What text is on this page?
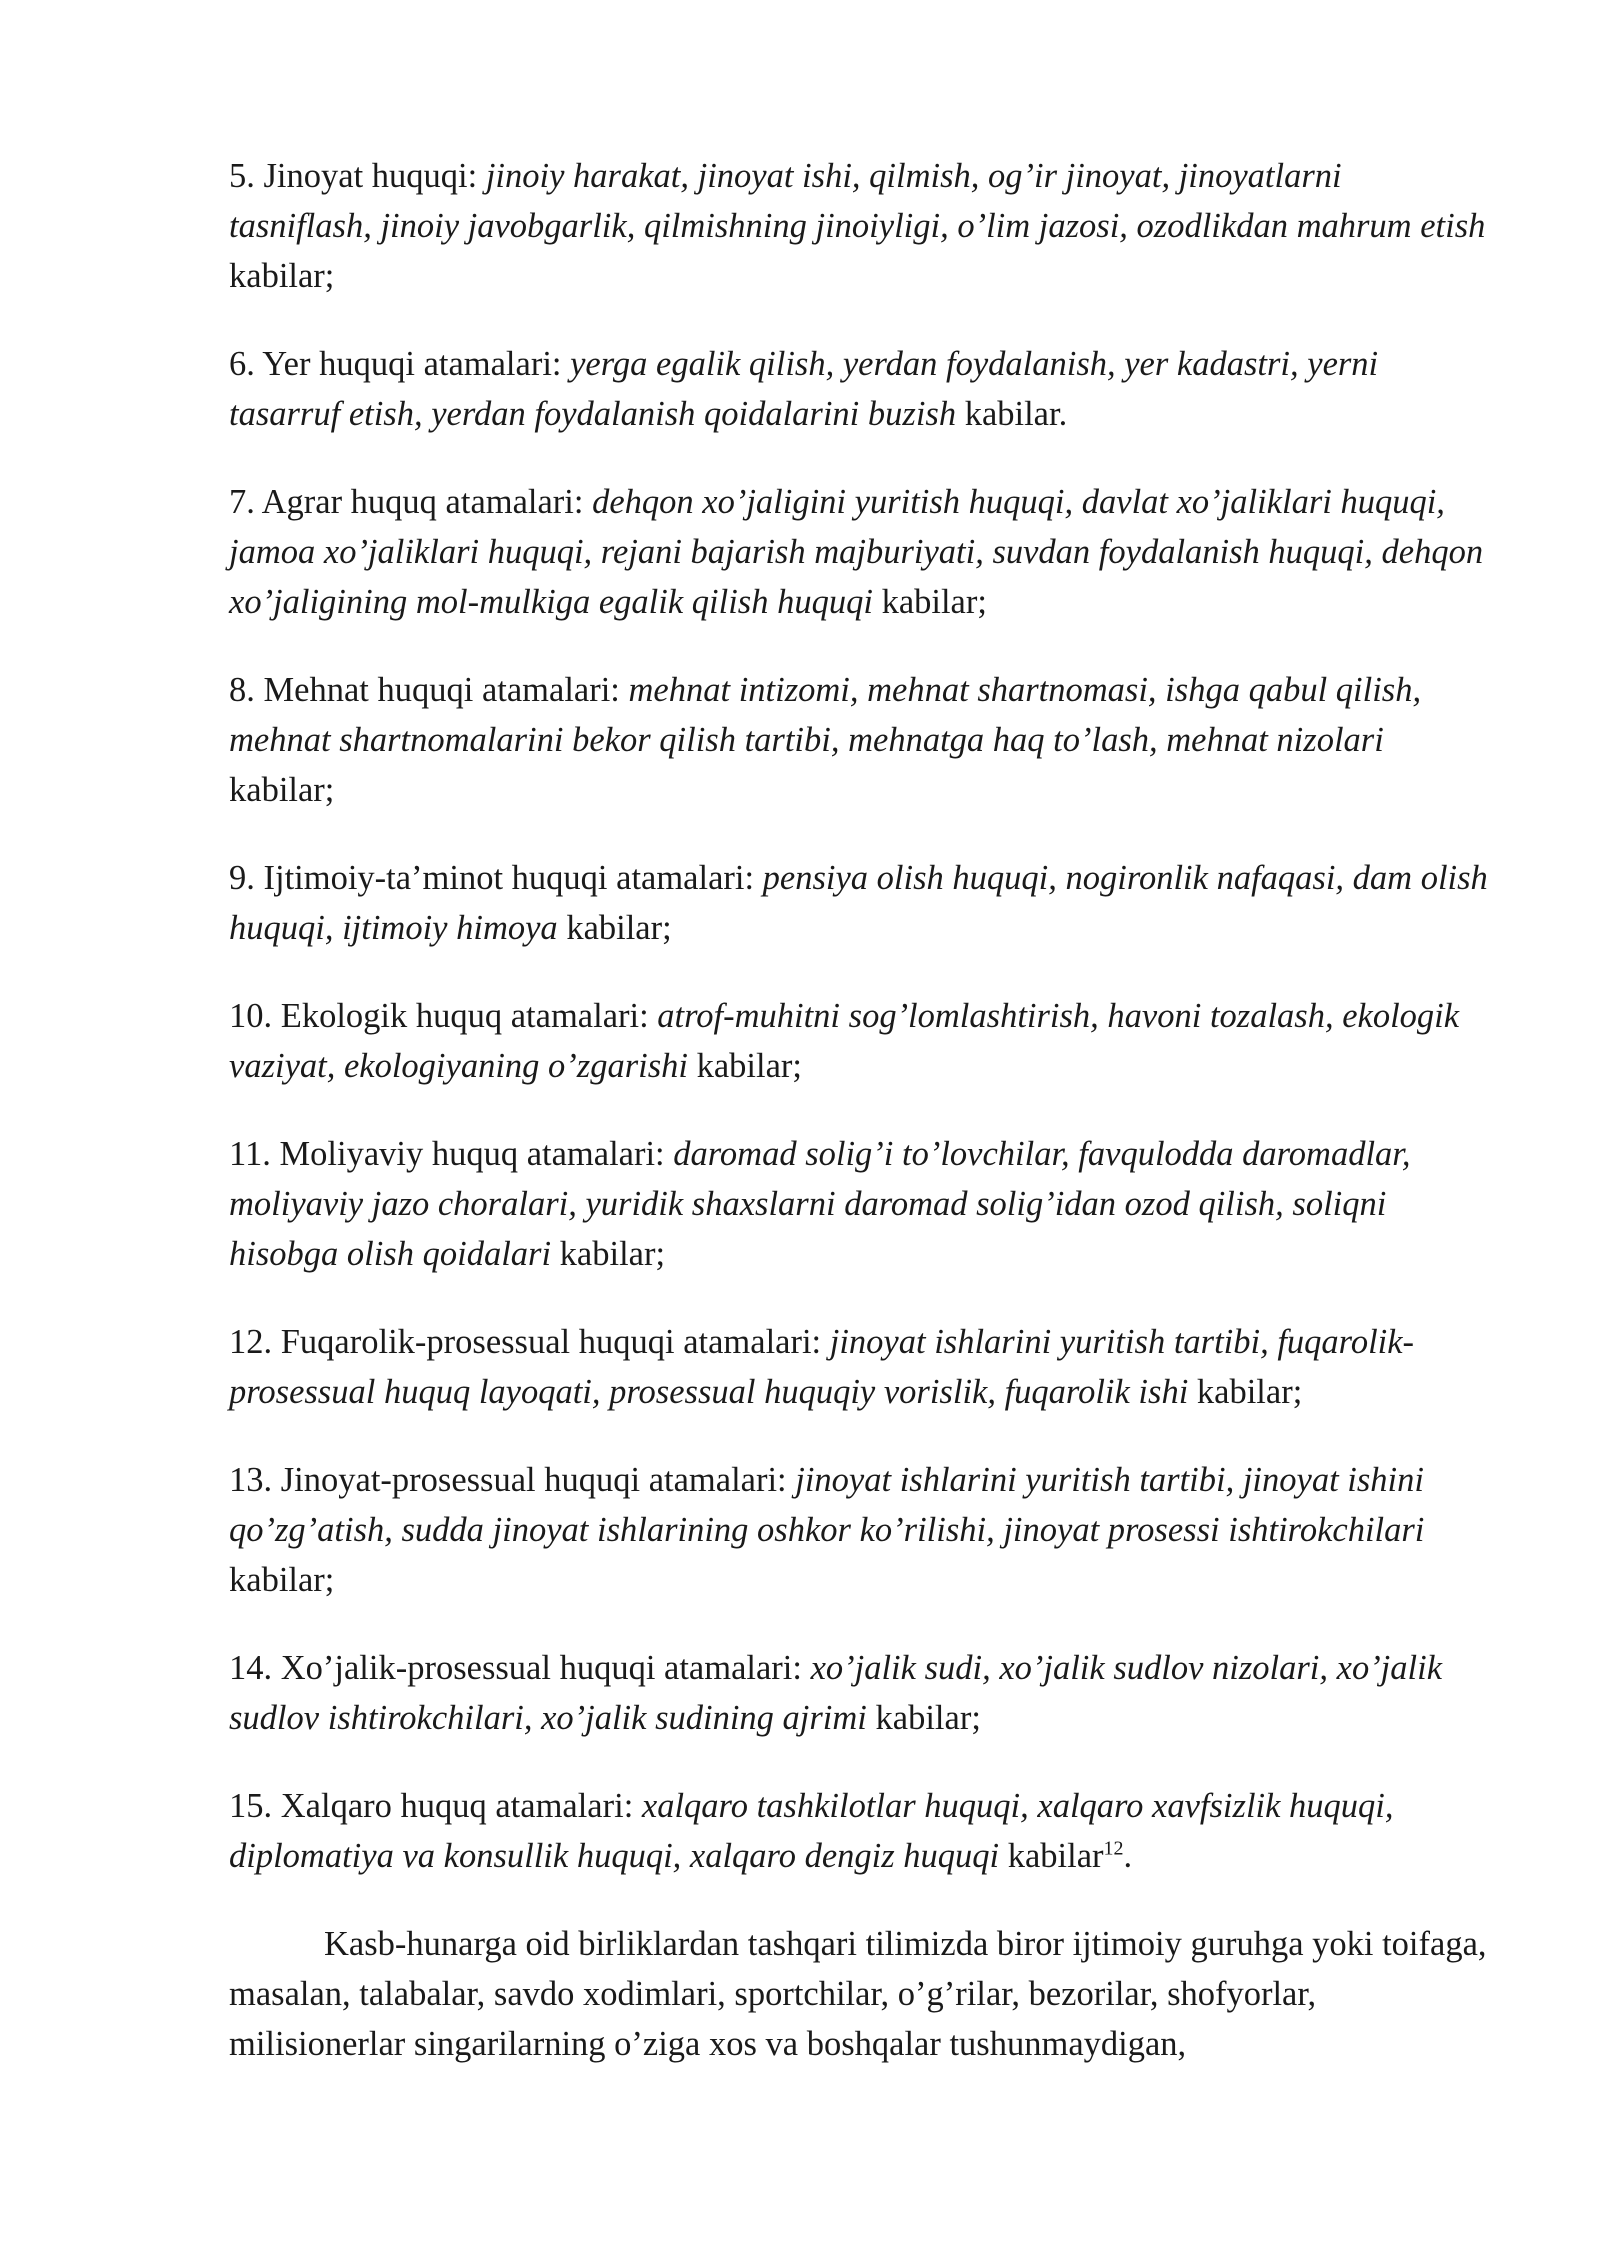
5. Jinoyat huquqi: jinoiy harakat, jinoyat ishi, qilmish, og’ir jinoyat, jinoyatlarni tasniflash, jinoiy javobgarlik, qilmishning jinoiyligi, o’lim jazosi, ozodlikdan mahrum etish kabilar;

6. Yer huquqi atamalari: yerga egalik qilish, yerdan foydalanish, yer kadastri, yerni tasarruf etish, yerdan foydalanish qoidalarini buzish kabilar.

7. Agrar huquq atamalari: dehqon xo’jaligini yuritish huquqi, davlat xo’jaliklari huquqi, jamoa xo’jaliklari huquqi, rejani bajarish majburiyati, suvdan foydalanish huquqi, dehqon xo’jaligining mol-mulkiga egalik qilish huquqi kabilar;

8. Mehnat huquqi atamalari: mehnat intizomi, mehnat shartnomasi, ishga qabul qilish, mehnat shartnomalarini bekor qilish tartibi, mehnatga haq to’lash, mehnat nizolari kabilar;

9. Ijtimoiy-ta’minot huquqi atamalari: pensiya olish huquqi, nogironlik nafaqasi, dam olish huquqi, ijtimoiy himoya kabilar;

10. Ekologik huquq atamalari: atrof-muhitni sog’lomlashtirish, havoni tozalash, ekologik vaziyat, ekologiyaning o’zgarishi kabilar;

11. Moliyaviy huquq atamalari: daromad solig’i to’lovchilar, favqulodda daromadlar, moliyaviy jazo choralari, yuridik shaxslarni daromad solig’idan ozod qilish, soliqni hisobga olish qoidalari kabilar;

12. Fuqarolik-prosessual huquqi atamalari: jinoyat ishlarini yuritish tartibi, fuqarolik-prosessual huquq layoqati, prosessual huquqiy vorislik, fuqarolik ishi kabilar;

13. Jinoyat-prosessual huquqi atamalari: jinoyat ishlarini yuritish tartibi, jinoyat ishini qo’zg’atish, sudda jinoyat ishlarining oshkor ko’rilishi, jinoyat prosessi ishtirokchilari kabilar;

14. Xo’jalik-prosessual huquqi atamalari: xo’jalik sudi, xo’jalik sudlov nizolari, xo’jalik sudlov ishtirokchilari, xo’jalik sudining ajrimi kabilar;

15. Xalqaro huquq atamalari: xalqaro tashkilotlar huquqi, xalqaro xavfsizlik huquqi, diplomatiya va konsullik huquqi, xalqaro dengiz huquqi kabilar$^{12}$.

Kasb-hunarga oid birliklardan tashqari tilimizda biror ijtimoiy guruhga yoki toifaga, masalan, talabalar, savdo xodimlari, sportchilar, o’g’rilar, bezorilar, shofyorlar, milisionerlar singarilarning o’ziga xos va boshqalar tushunmaydigan,
